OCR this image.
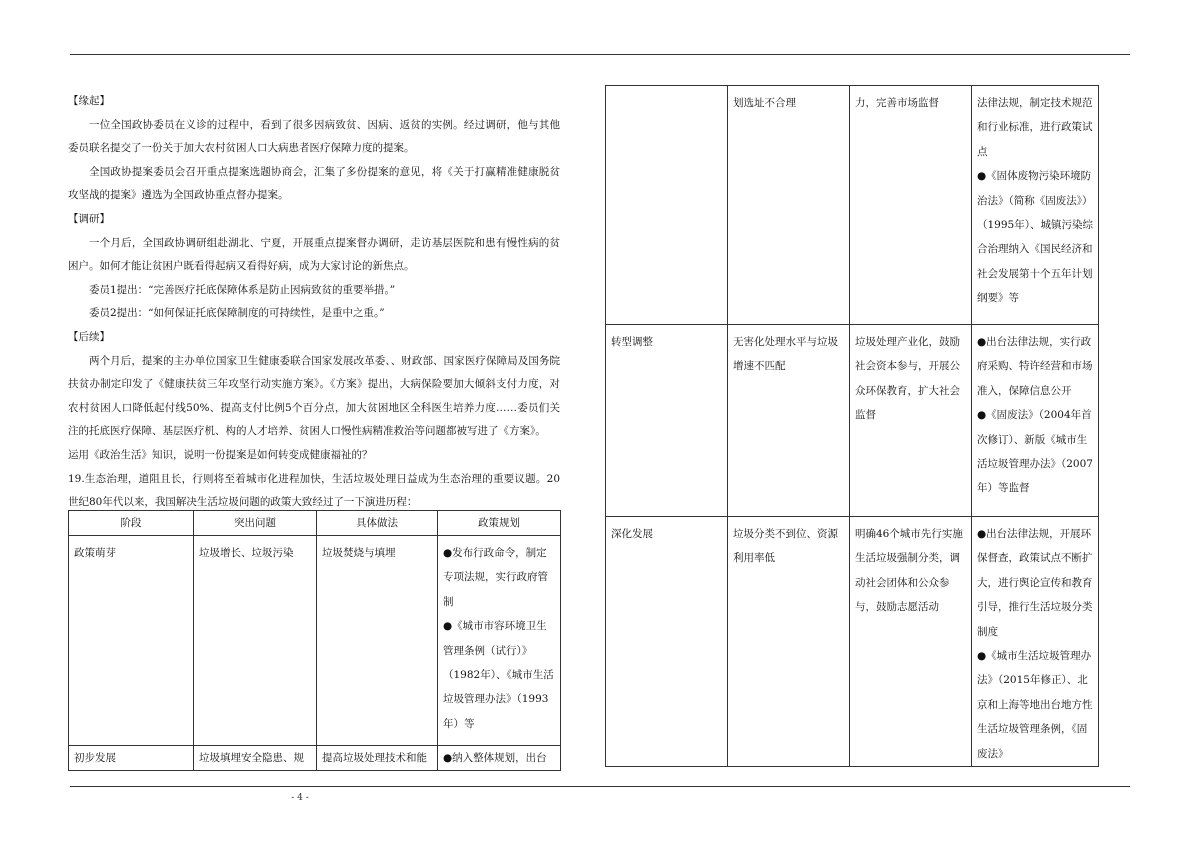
【缘起】
一位全国政协委员在义诊的过程中，看到了很多因病致贫、因病、返贫的实例。经过调研，他与其他委员联名提交了一份关于加大农村贫困人口大病患者医疗保障力度的提案。
全国政协提案委员会召开重点提案选题协商会，汇集了多份提案的意见，将《关于打赢精准健康脱贫攻坚战的提案》遴选为全国政协重点督办提案。
【调研】
一个月后，全国政协调研组赴湖北、宁夏，开展重点提案督办调研，走访基层医院和患有慢性病的贫困户。如何才能让贫困户既看得起病又看得好病，成为大家讨论的新焦点。
委员1提出：“完善医疗托底保障体系是防止因病致贫的重要举措。”
委员2提出：“如何保证托底保障制度的可持续性，是重中之重。”
【后续】
两个月后，提案的主办单位国家卫生健康委联合国家发展改革委、、财政部、国家医疗保障局及国务院扶贫办制定印发了《健康扶贫三年攻坚行动实施方案》。《方案》提出，大病保险要加大倾斜支付力度，对农村贫困人口降低起付线50%、提高支付比例5个百分点，加大贫困地区全科医生培养力度……委员们关注的托底医疗保障、基层医疗机、构的人才培养、贫困人口慢性病精准救治等问题都被写进了《方案》。
运用《政治生活》知识，说明一份提案是如何转变成健康福祉的？
19.生态治理，道阻且长，行则将至着城市化进程加快，生活垃圾处理日益成为生态治理的重要议题。20世纪80年代以来，我国解决生活垃圾问题的政策大致经过了一下演进历程：
阶段	突出问题	具体做法	政策规划
政策萌芽	垃圾增长、垃圾污染	垃圾焚烧与填埋	●发布行政命令，制定专项法规，实行政府管制
●《城市市容环境卫生管理条例（试行）》（1982年）、《城市生活垃圾管理办法》（1993年）等

初步发展	垃圾填埋安全隐患、规	提高垃圾处理技术和能	●纳入整体规划，出台
	划选址不合理	力，完善市场监督	法律法规，制定技术规范和行业标准，进行政策试点
●《固体废物污染环境防治法》（简称《固废法》）（1995年）、城镇污染综合治理纳入《国民经济和社会发展第十个五年计划纲要》等

转型调整	无害化处理水平与垃圾增速不匹配	垃圾处理产业化，鼓励社会资本参与，开展公众环保教育，扩大社会监督	●出台法律法规，实行政府采购、特许经营和市场准入，保障信息公开
●《固废法》（2004年首次修订）、新版《城市生活垃圾管理办法》（2007年）等监督

深化发展	垃圾分类不到位、资源利用率低	明确46个城市先行实施生活垃圾强制分类，调动社会团体和公众参与，鼓励志愿活动	●出台法律法规，开展环保督查，政策试点不断扩大，进行舆论宣传和教育引导，推行生活垃圾分类制度
●《城市生活垃圾管理办法》（2015年修正）、北京和上海等地出台地方性生活垃圾管理条例，《固废法》
- 4 -
